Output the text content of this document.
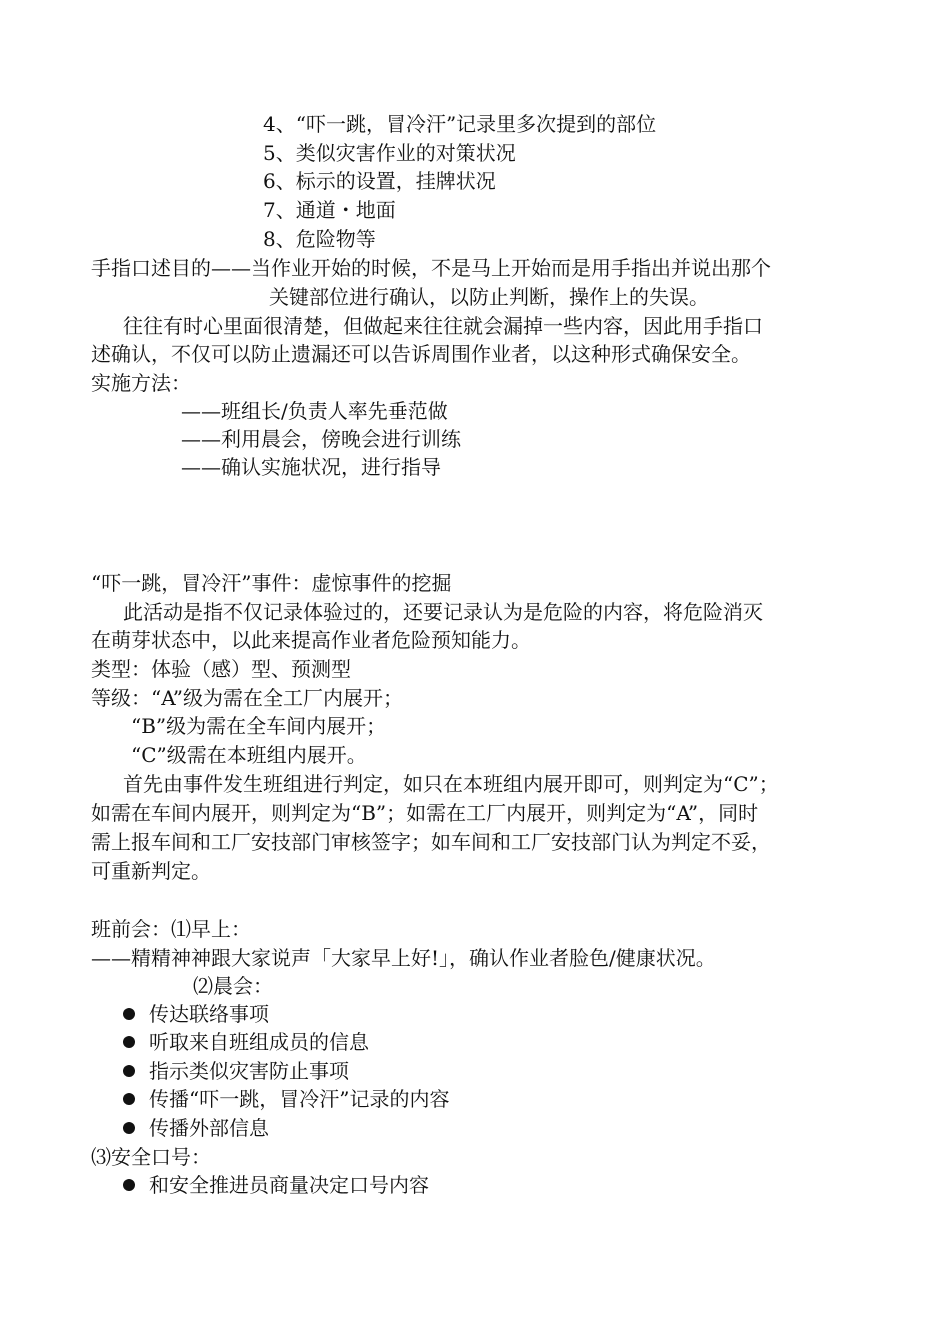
4、“吓一跳，冒冷汗”记录里多次提到的部位
5、类似灾害作业的对策状况
6、标示的设置，挂牌状况
7、通道・地面
8、危险物等
手指口述目的——当作业开始的时候，不是马上开始而是用手指出并说出那个
关键部位进行确认，以防止判断，操作上的失误。
往往有时心里面很清楚，但做起来往往就会漏掉一些内容，因此用手指口
述确认，不仅可以防止遗漏还可以告诉周围作业者，以这种形式确保安全。
实施方法：
——班组长/负责人率先垂范做
——利用晨会，傍晚会进行训练
——确认实施状况，进行指导
“吓一跳，冒冷汗”事件：虚惊事件的挖掘
此活动是指不仅记录体验过的，还要记录认为是危险的内容，将危险消灭
在萌芽状态中，以此来提高作业者危险预知能力。
类型：体验（感）型、预测型
等级：“A”级为需在全工厂内展开；
“B”级为需在全车间内展开；
“C”级需在本班组内展开。
首先由事件发生班组进行判定，如只在本班组内展开即可，则判定为“C”；
如需在车间内展开，则判定为“B”；如需在工厂内展开，则判定为“A”，同时
需上报车间和工厂安技部门审核签字；如车间和工厂安技部门认为判定不妥，
可重新判定。
班前会：⑴早上：
——精精神神跟大家说声「大家早上好!」，确认作业者脸色/健康状况。
⑵晨会：
传达联络事项
听取来自班组成员的信息
指示类似灾害防止事项
传播“吓一跳，冒冷汗”记录的内容
传播外部信息
⑶安全口号：
和安全推进员商量决定口号内容
